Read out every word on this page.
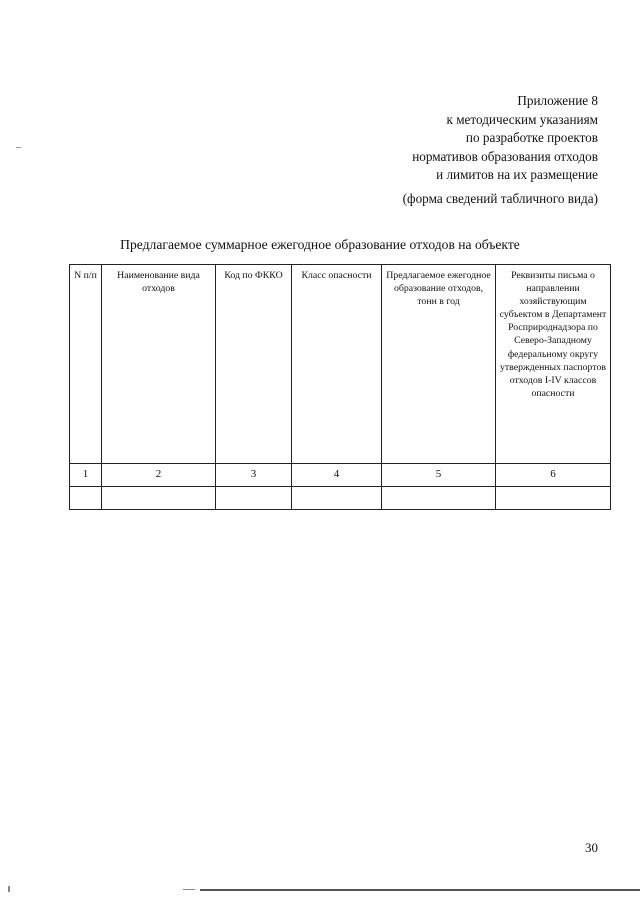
Приложение 8
к методическим указаниям
по разработке проектов
нормативов образования отходов
и лимитов на их размещение
(форма сведений табличного вида)
Предлагаемое суммарное ежегодное образование отходов на объекте
N п/п	Наименование вида отходов	Код по ФККО	Класс опасности	Предлагаемое ежегодное образование отходов, тонн в год	Реквизиты письма о направлении хозяйствующим субъектом в Департамент Росприроднадзора по Северо-Западному федеральному округу утвержденных паспортов отходов I-IV классов опасности
1	2	3	4	5	6

30
